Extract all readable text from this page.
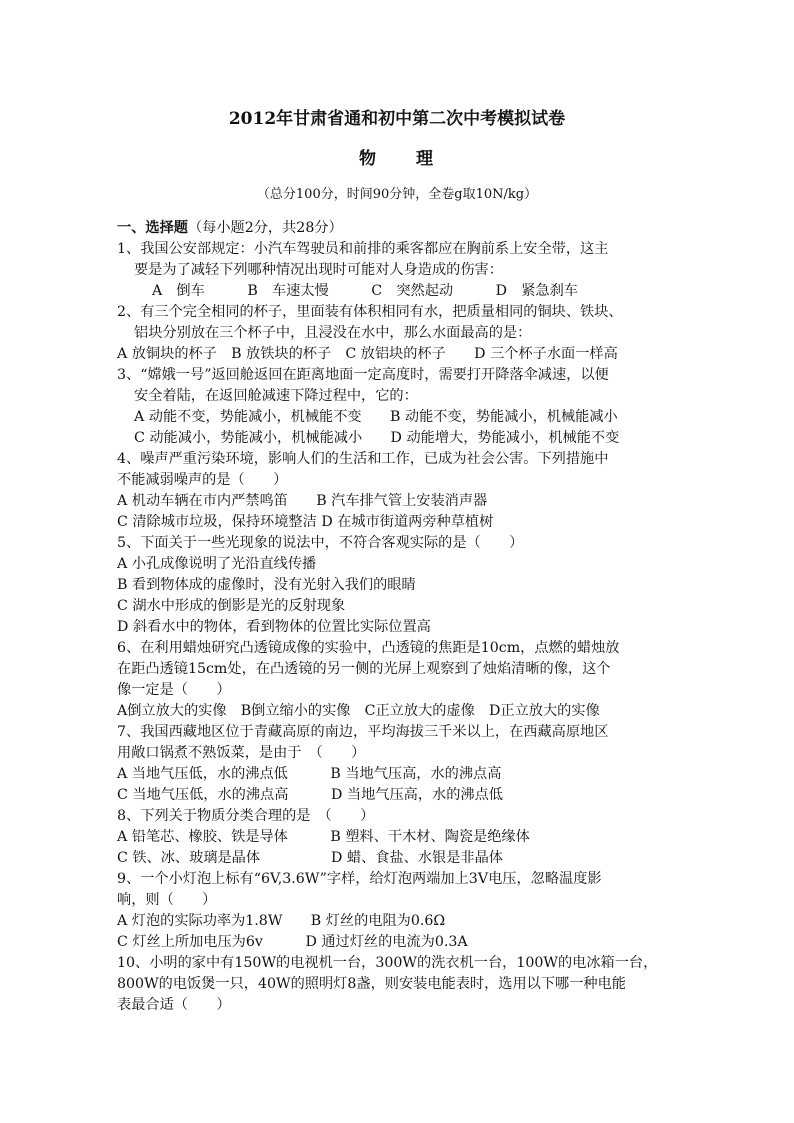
2012年甘肃省通和初中第二次中考模拟试卷
物　　理
（总分100分，时间90分钟，全卷g取10N/kg）
一、选择题（每小题2分，共28分）
1、我国公安部规定：小汽车驾驶员和前排的乘客都应在胸前系上安全带，这主
要是为了减轻下列哪种情况出现时可能对人身造成的伤害：
A　倒车　　　B　车速太慢　　　C　突然起动　　　D　紧急刹车
2、有三个完全相同的杯子，里面装有体积相同有水，把质量相同的铜块、铁块、
铝块分别放在三个杯子中，且浸没在水中，那么水面最高的是：
A 放铜块的杯子　B 放铁块的杯子　C 放铝块的杯子　　D 三个杯子水面一样高
3、“嫦娥一号”返回舱返回在距离地面一定高度时，需要打开降落伞减速，以便
安全着陆，在返回舱减速下降过程中，它的：
A 动能不变，势能减小，机械能不变　　B 动能不变，势能减小，机械能减小
C 动能减小，势能减小，机械能减小　　D 动能增大，势能减小，机械能不变
4、噪声严重污染环境，影响人们的生活和工作，已成为社会公害。下列措施中
不能减弱噪声的是（　　）
A 机动车辆在市内严禁鸣笛　　B 汽车排气管上安装消声器
C 清除城市垃圾，保持环境整洁 D 在城市街道两旁种草植树
5、下面关于一些光现象的说法中，不符合客观实际的是（　　）
A 小孔成像说明了光沿直线传播
B 看到物体成的虚像时，没有光射入我们的眼睛
C 湖水中形成的倒影是光的反射现象
D 斜看水中的物体，看到物体的位置比实际位置高
6、在利用蜡烛研究凸透镜成像的实验中，凸透镜的焦距是10cm，点燃的蜡烛放
在距凸透镜15cm处，在凸透镜的另一侧的光屏上观察到了烛焰清晰的像，这个
像一定是（　　）
A倒立放大的实像　B倒立缩小的实像　C正立放大的虚像　D正立放大的实像
7、我国西藏地区位于青藏高原的南边，平均海拔三千米以上，在西藏高原地区
用敞口锅煮不熟饭菜，是由于　（　　）
A 当地气压低，水的沸点低　　　B 当地气压高，水的沸点高
C 当地气压低，水的沸点高　　　D 当地气压高，水的沸点低
8、下列关于物质分类合理的是　（　　）
A 铅笔芯、橡胶、铁是导体　　　B 塑料、干木材、陶瓷是绝缘体
C 铁、冰、玻璃是晶体　　　　　D 蜡、食盐、水银是非晶体
9、一个小灯泡上标有“6V,3.6W”字样，给灯泡两端加上3V电压，忽略温度影
响，则（　　）
A 灯泡的实际功率为1.8W　　B 灯丝的电阻为0.6Ω
C 灯丝上所加电压为6v　　　D 通过灯丝的电流为0.3A
10、小明的家中有150W的电视机一台，300W的洗衣机一台，100W的电冰箱一台，
800W的电饭煲一只，40W的照明灯8盏，则安装电能表时，选用以下哪一种电能
表最合适（　　）
